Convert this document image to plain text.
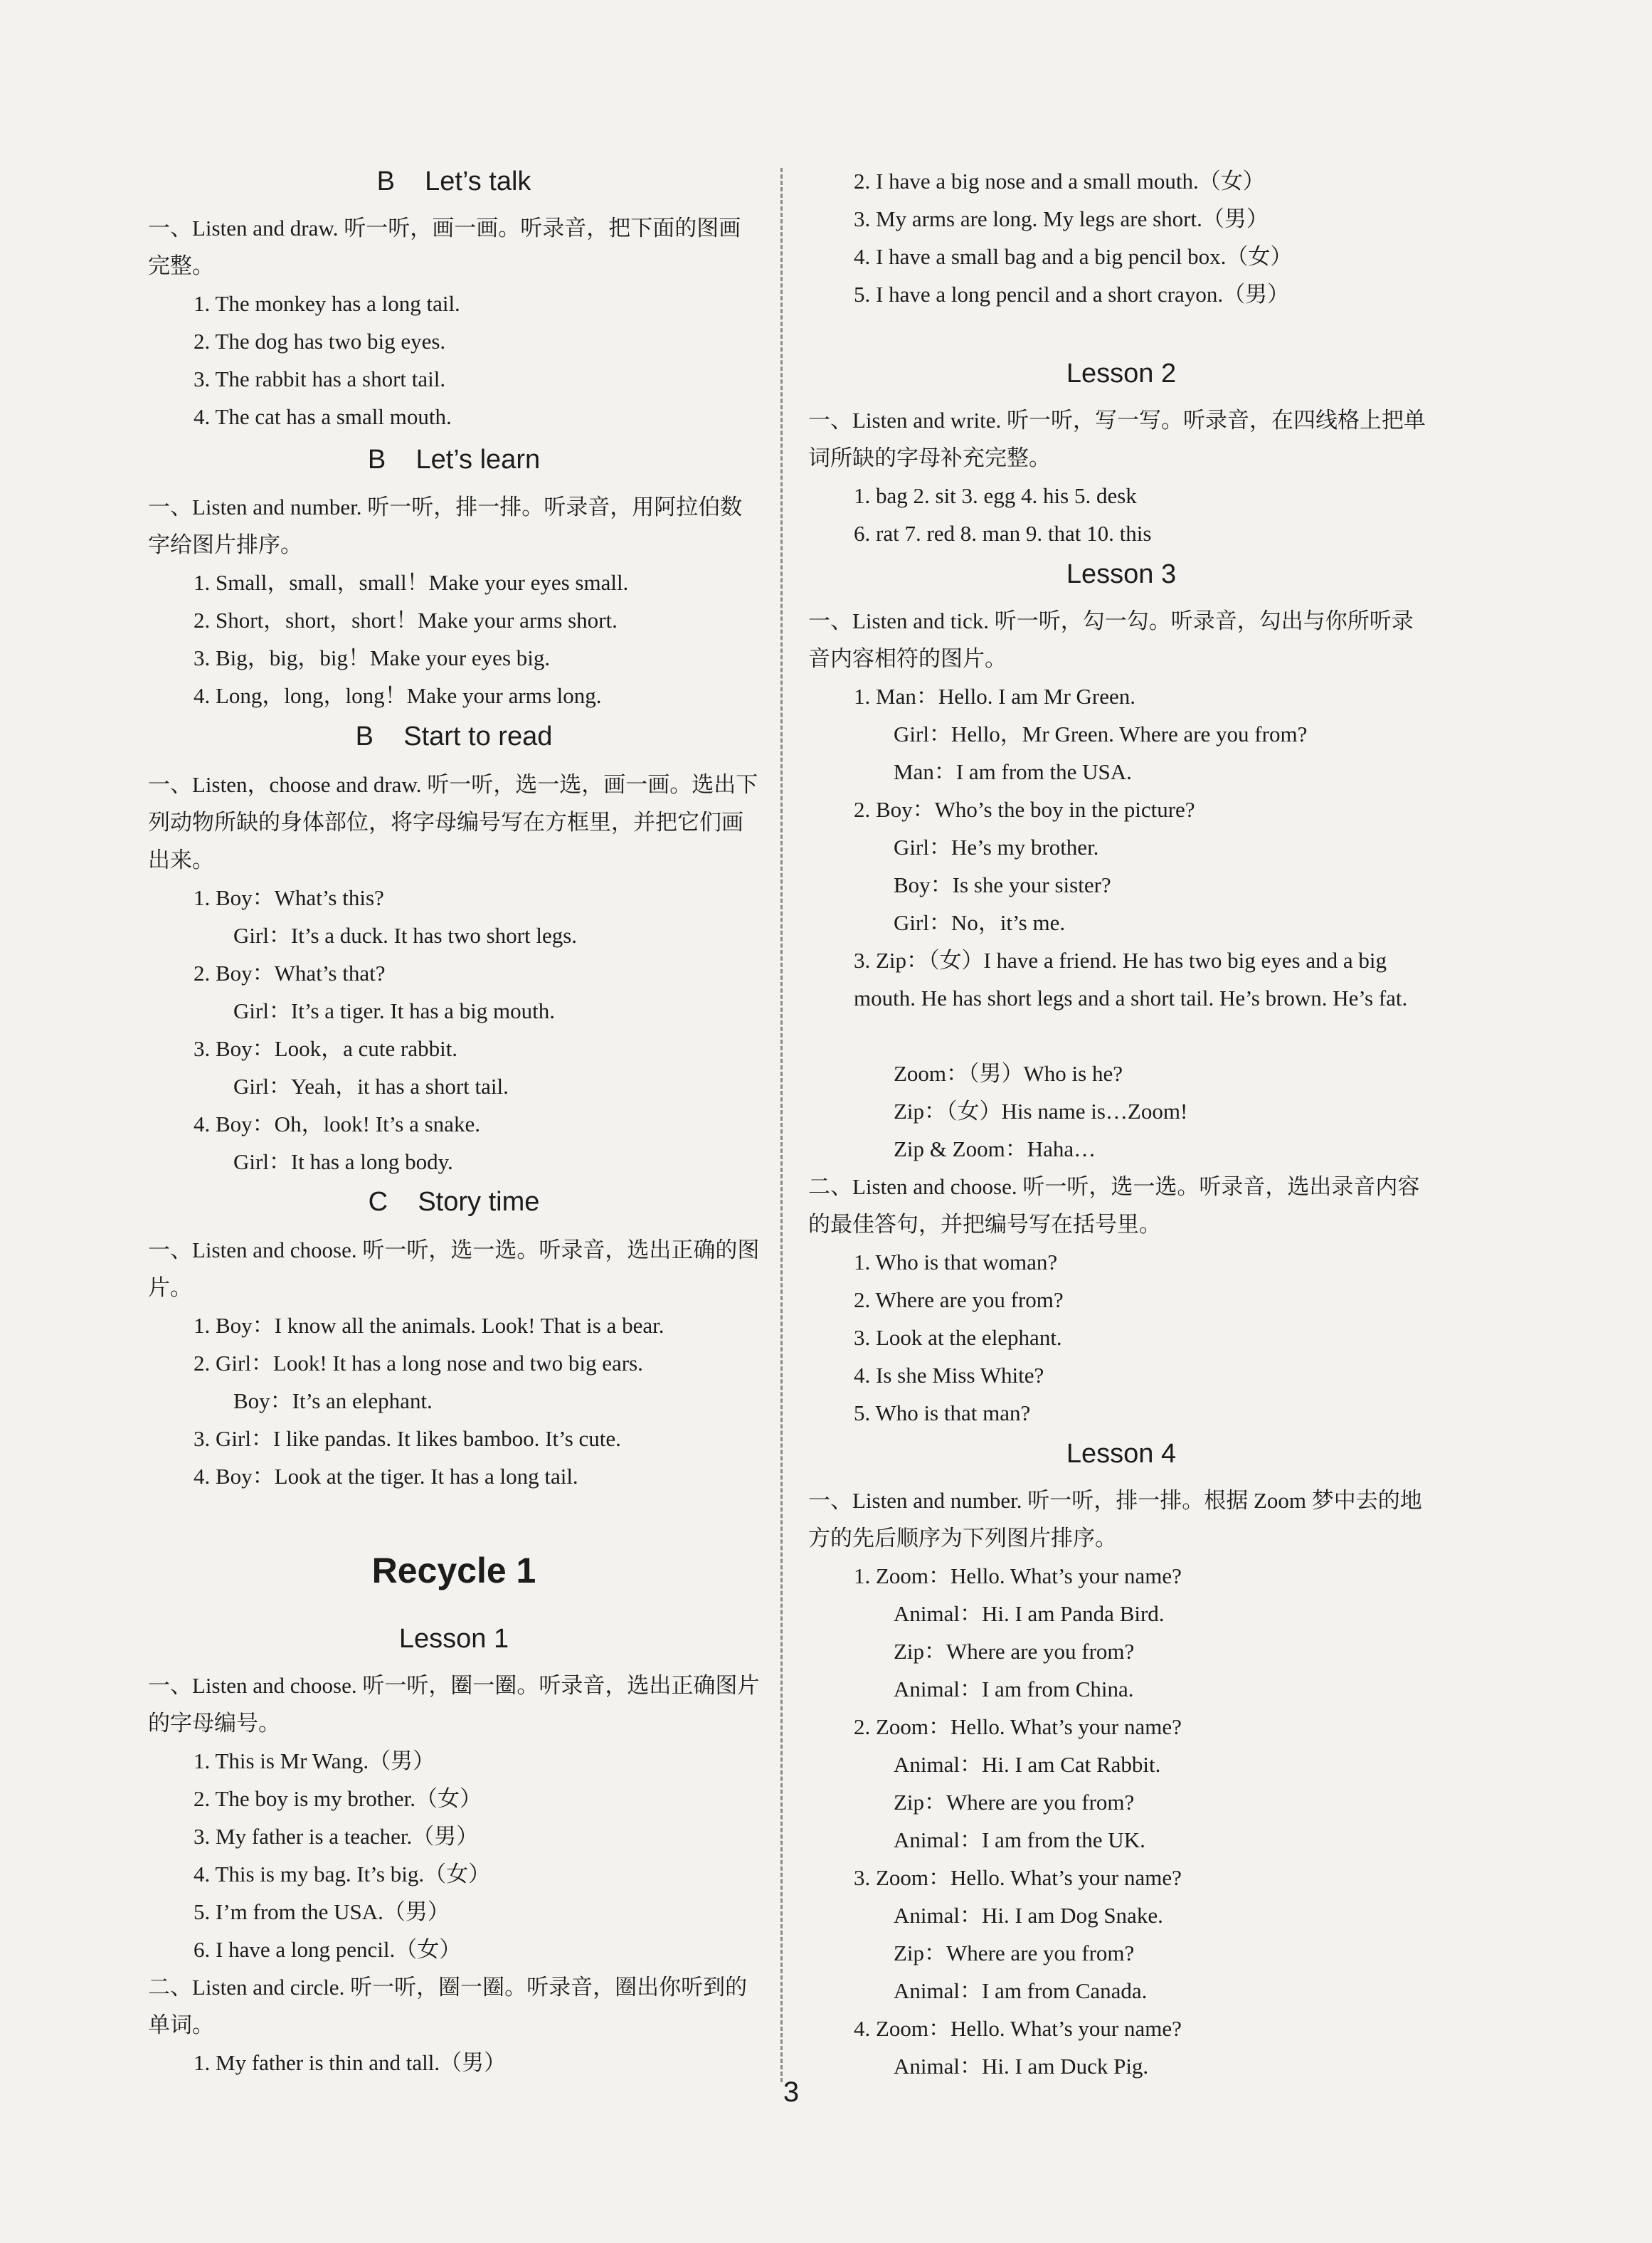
B    Let’s talk
一、Listen and draw. 听一听，画一画。听录音，把下面的图画完整。
1. The monkey has a long tail.
2. The dog has two big eyes.
3. The rabbit has a short tail.
4. The cat has a small mouth.
B    Let’s learn
一、Listen and number. 听一听，排一排。听录音，用阿拉伯数字给图片排序。
1. Small，small，small！Make your eyes small.
2. Short，short，short！Make your arms short.
3. Big，big，big！Make your eyes big.
4. Long，long，long！Make your arms long.
B    Start to read
一、Listen，choose and draw. 听一听，选一选，画一画。选出下列动物所缺的身体部位，将字母编号写在方框里，并把它们画出来。
1. Boy：What’s this?
Girl：It’s a duck. It has two short legs.
2. Boy：What’s that?
Girl：It’s a tiger. It has a big mouth.
3. Boy：Look，a cute rabbit.
Girl：Yeah，it has a short tail.
4. Boy：Oh，look! It’s a snake.
Girl：It has a long body.
C    Story time
一、Listen and choose. 听一听，选一选。听录音，选出正确的图片。
1. Boy：I know all the animals. Look! That is a bear.
2. Girl：Look! It has a long nose and two big ears.
Boy：It’s an elephant.
3. Girl：I like pandas. It likes bamboo. It’s cute.
4. Boy：Look at the tiger. It has a long tail.
Recycle 1
Lesson 1
一、Listen and choose. 听一听，圈一圈。听录音，选出正确图片的字母编号。
1. This is Mr Wang.（男）
2. The boy is my brother.（女）
3. My father is a teacher.（男）
4. This is my bag. It’s big.（女）
5. I’m from the USA.（男）
6. I have a long pencil.（女）
二、Listen and circle. 听一听，圈一圈。听录音，圈出你听到的单词。
1. My father is thin and tall.（男）
2. I have a big nose and a small mouth.（女）
3. My arms are long. My legs are short.（男）
4. I have a small bag and a big pencil box.（女）
5. I have a long pencil and a short crayon.（男）
Lesson 2
一、Listen and write. 听一听，写一写。听录音，在四线格上把单词所缺的字母补充完整。
1. bag 2. sit 3. egg 4. his 5. desk
6. rat 7. red 8. man 9. that 10. this
Lesson 3
一、Listen and tick. 听一听，勾一勾。听录音，勾出与你所听录音内容相符的图片。
1. Man：Hello. I am Mr Green.
Girl：Hello，Mr Green. Where are you from?
Man：I am from the USA.
2. Boy：Who’s the boy in the picture?
Girl：He’s my brother.
Boy：Is she your sister?
Girl：No，it’s me.
3. Zip：（女）I have a friend. He has two big eyes and a big mouth. He has short legs and a short tail. He’s brown. He’s fat.
Zoom：（男）Who is he?
Zip：（女）His name is…Zoom!
Zip & Zoom：Haha…
二、Listen and choose. 听一听，选一选。听录音，选出录音内容的最佳答句，并把编号写在括号里。
1. Who is that woman?
2. Where are you from?
3. Look at the elephant.
4. Is she Miss White?
5. Who is that man?
Lesson 4
一、Listen and number. 听一听，排一排。根据 Zoom 梦中去的地方的先后顺序为下列图片排序。
1. Zoom：Hello. What’s your name?
Animal：Hi. I am Panda Bird.
Zip：Where are you from?
Animal：I am from China.
2. Zoom：Hello. What’s your name?
Animal：Hi. I am Cat Rabbit.
Zip：Where are you from?
Animal：I am from the UK.
3. Zoom：Hello. What’s your name?
Animal：Hi. I am Dog Snake.
Zip：Where are you from?
Animal：I am from Canada.
4. Zoom：Hello. What’s your name?
Animal：Hi. I am Duck Pig.
3
